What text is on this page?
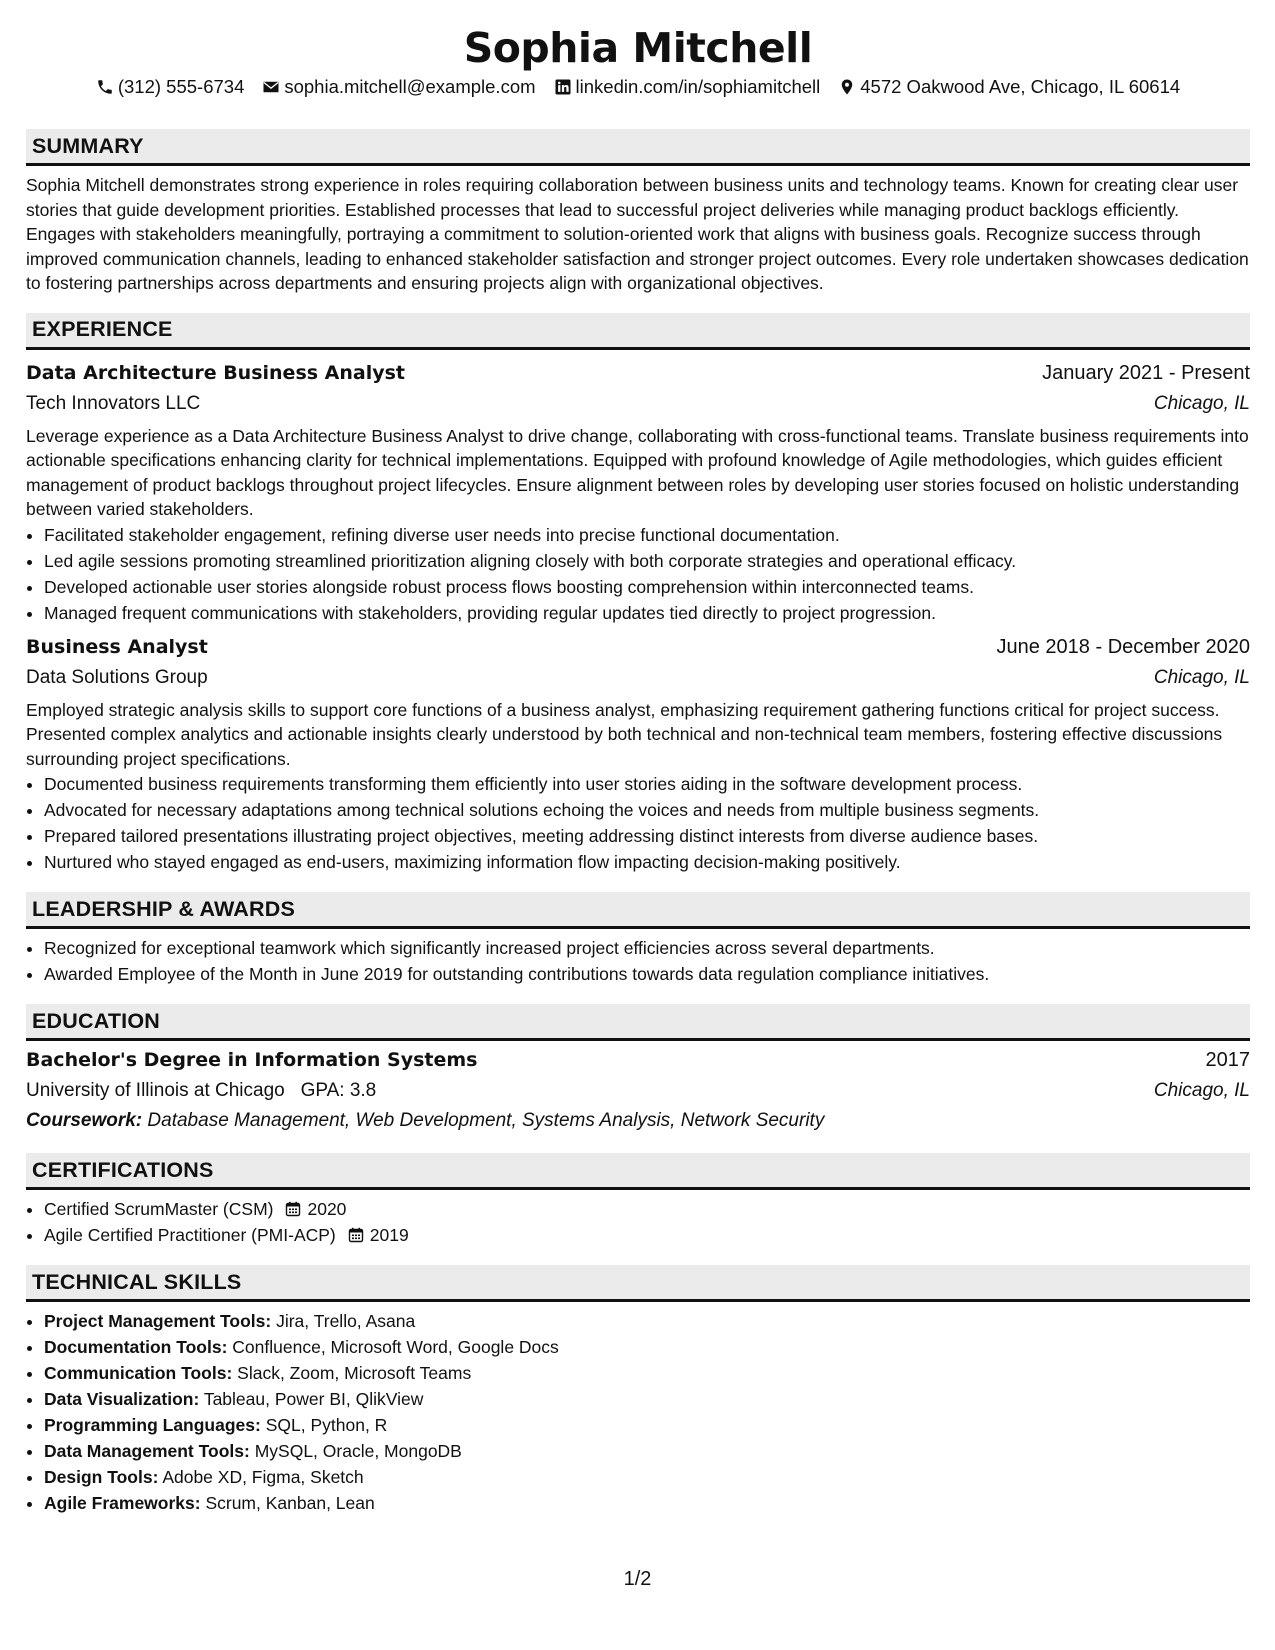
Sophia Mitchell
(312) 555-6734 sophia.mitchell@example.com linkedin.com/in/sophiamitchell 4572 Oakwood Ave, Chicago, IL 60614
SUMMARY
Sophia Mitchell demonstrates strong experience in roles requiring collaboration between business units and technology teams. Known for creating clear user stories that guide development priorities. Established processes that lead to successful project deliveries while managing product backlogs efficiently. Engages with stakeholders meaningfully, portraying a commitment to solution-oriented work that aligns with business goals. Recognize success through improved communication channels, leading to enhanced stakeholder satisfaction and stronger project outcomes. Every role undertaken showcases dedication to fostering partnerships across departments and ensuring projects align with organizational objectives.
EXPERIENCE
Data Architecture Business Analyst	January 2021 - Present
Tech Innovators LLC	Chicago, IL
Leverage experience as a Data Architecture Business Analyst to drive change, collaborating with cross-functional teams. Translate business requirements into actionable specifications enhancing clarity for technical implementations. Equipped with profound knowledge of Agile methodologies, which guides efficient management of product backlogs throughout project lifecycles. Ensure alignment between roles by developing user stories focused on holistic understanding between varied stakeholders.
• Facilitated stakeholder engagement, refining diverse user needs into precise functional documentation.
• Led agile sessions promoting streamlined prioritization aligning closely with both corporate strategies and operational efficacy.
• Developed actionable user stories alongside robust process flows boosting comprehension within interconnected teams.
• Managed frequent communications with stakeholders, providing regular updates tied directly to project progression.
Business Analyst	June 2018 - December 2020
Data Solutions Group	Chicago, IL
Employed strategic analysis skills to support core functions of a business analyst, emphasizing requirement gathering functions critical for project success. Presented complex analytics and actionable insights clearly understood by both technical and non-technical team members, fostering effective discussions surrounding project specifications.
• Documented business requirements transforming them efficiently into user stories aiding in the software development process.
• Advocated for necessary adaptations among technical solutions echoing the voices and needs from multiple business segments.
• Prepared tailored presentations illustrating project objectives, meeting addressing distinct interests from diverse audience bases.
• Nurtured who stayed engaged as end-users, maximizing information flow impacting decision-making positively.
LEADERSHIP & AWARDS
• Recognized for exceptional teamwork which significantly increased project efficiencies across several departments.
• Awarded Employee of the Month in June 2019 for outstanding contributions towards data regulation compliance initiatives.
EDUCATION
Bachelor's Degree in Information Systems	2017
University of Illinois at Chicago GPA: 3.8	Chicago, IL
Coursework: Database Management, Web Development, Systems Analysis, Network Security
CERTIFICATIONS
• Certified ScrumMaster (CSM) 2020
• Agile Certified Practitioner (PMI-ACP) 2019
TECHNICAL SKILLS
• Project Management Tools: Jira, Trello, Asana
• Documentation Tools: Confluence, Microsoft Word, Google Docs
• Communication Tools: Slack, Zoom, Microsoft Teams
• Data Visualization: Tableau, Power BI, QlikView
• Programming Languages: SQL, Python, R
• Data Management Tools: MySQL, Oracle, MongoDB
• Design Tools: Adobe XD, Figma, Sketch
• Agile Frameworks: Scrum, Kanban, Lean
1/2
